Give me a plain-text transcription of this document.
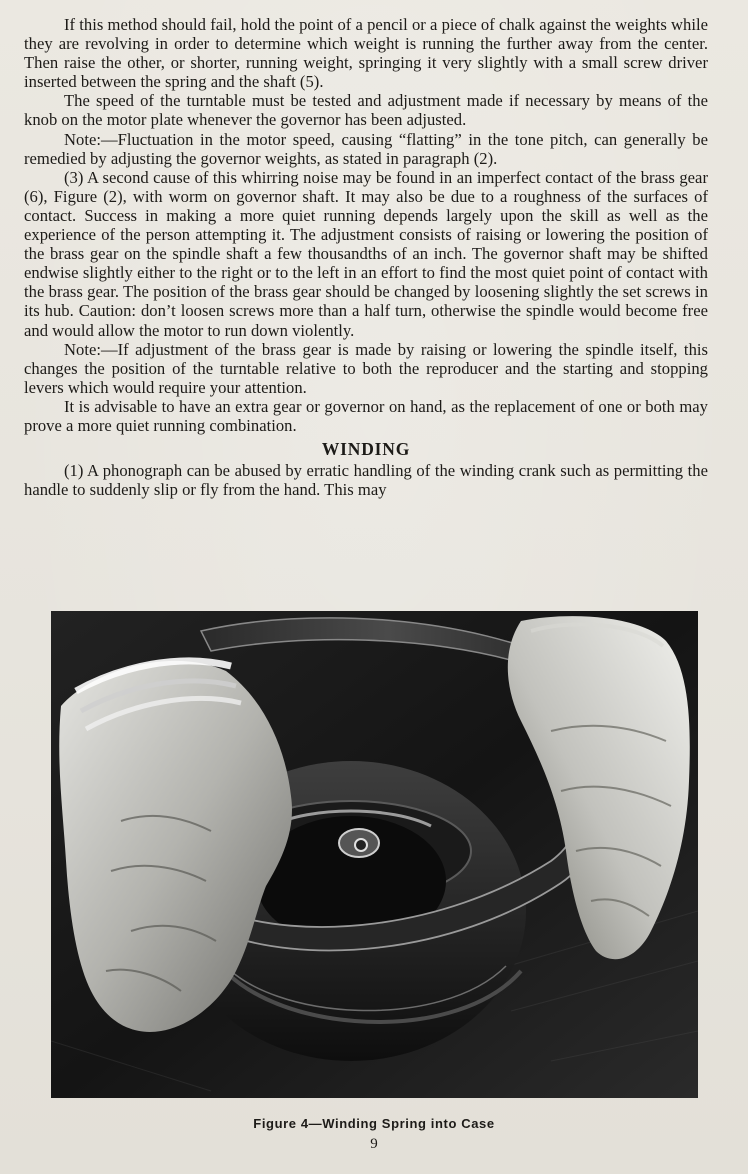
If this method should fail, hold the point of a pencil or a piece of chalk against the weights while they are revolving in order to determine which weight is running the further away from the center. Then raise the other, or shorter, running weight, springing it very slightly with a small screw driver inserted between the spring and the shaft (5).

The speed of the turntable must be tested and adjustment made if necessary by means of the knob on the motor plate whenever the governor has been adjusted.

Note:—Fluctuation in the motor speed, causing “flatting” in the tone pitch, can generally be remedied by adjusting the governor weights, as stated in paragraph (2).

(3) A second cause of this whirring noise may be found in an imperfect contact of the brass gear (6), Figure (2), with worm on governor shaft. It may also be due to a roughness of the surfaces of contact. Success in making a more quiet running depends largely upon the skill as well as the experience of the person attempting it. The adjustment consists of raising or lowering the position of the brass gear on the spindle shaft a few thousandths of an inch. The governor shaft may be shifted endwise slightly either to the right or to the left in an effort to find the most quiet point of contact with the brass gear. The position of the brass gear should be changed by loosening slightly the set screws in its hub. Caution: don’t loosen screws more than a half turn, otherwise the spindle would become free and would allow the motor to run down violently.

Note:—If adjustment of the brass gear is made by raising or lowering the spindle itself, this changes the position of the turntable relative to both the reproducer and the starting and stopping levers which would require your attention.

It is advisable to have an extra gear or governor on hand, as the replacement of one or both may prove a more quiet running combination.

WINDING

(1) A phonograph can be abused by erratic handling of the winding crank such as permitting the handle to suddenly slip or fly from the hand. This may

Figure 4—Winding Spring into Case
9
